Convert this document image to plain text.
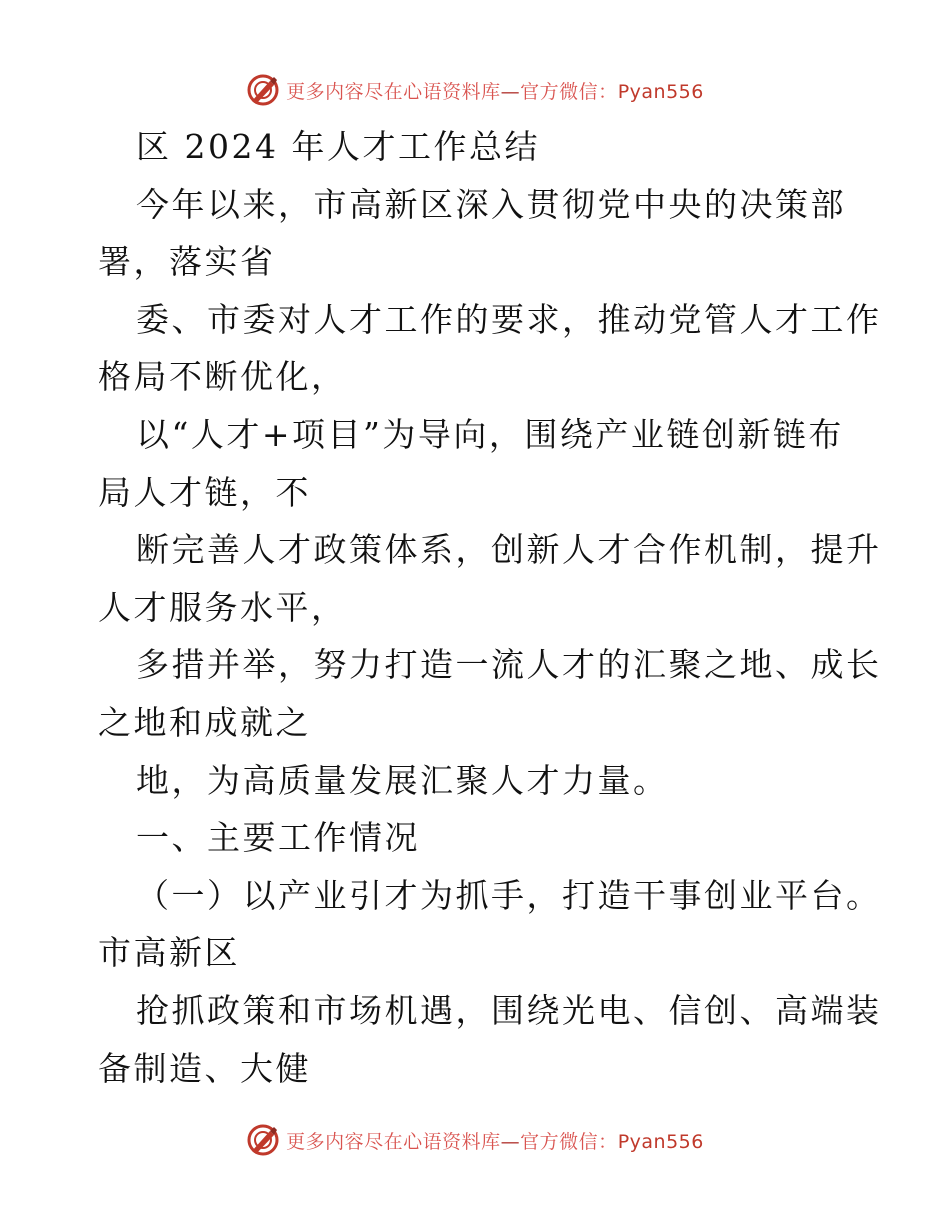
更多内容尽在心语资料库—官方微信：Pyan556
区 2024 年人才工作总结
今年以来，市高新区深入贯彻党中央的决策部
署，落实省
委、市委对人才工作的要求，推动党管人才工作
格局不断优化，
以“人才+项目”为导向，围绕产业链创新链布
局人才链，不
断完善人才政策体系，创新人才合作机制，提升
人才服务水平，
多措并举，努力打造一流人才的汇聚之地、成长
之地和成就之
地，为高质量发展汇聚人才力量。
一、主要工作情况
（一）以产业引才为抓手，打造干事创业平台。
市高新区
抢抓政策和市场机遇，围绕光电、信创、高端装
备制造、大健
更多内容尽在心语资料库—官方微信：Pyan556
